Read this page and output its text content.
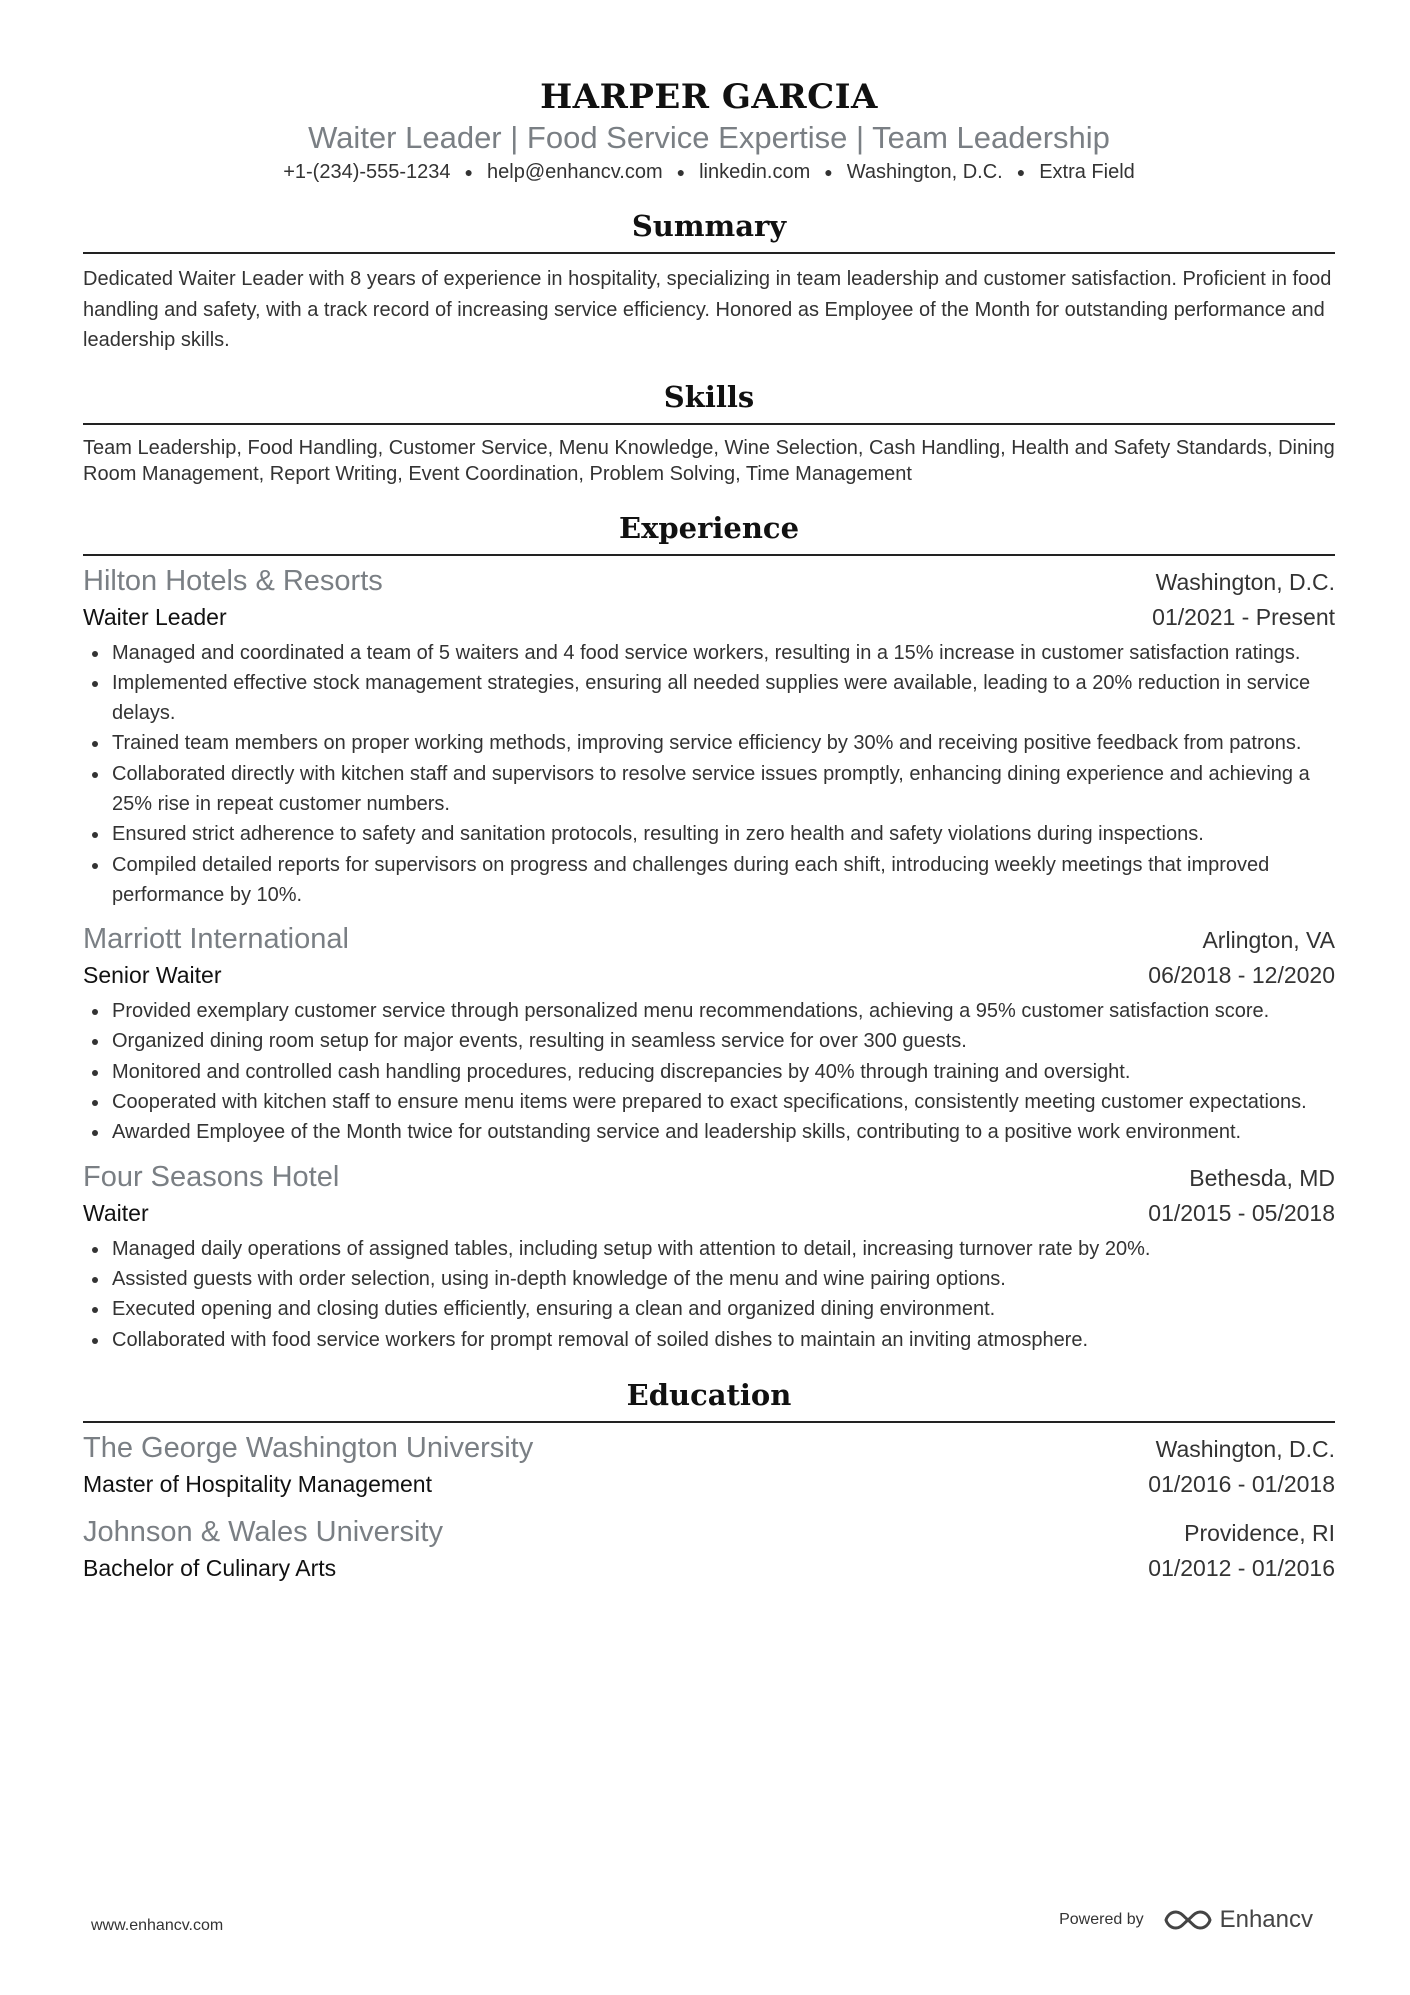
HARPER GARCIA
Waiter Leader | Food Service Expertise | Team Leadership
+1-(234)-555-1234 ● help@enhancv.com ● linkedin.com ● Washington, D.C. ● Extra Field
Summary
Dedicated Waiter Leader with 8 years of experience in hospitality, specializing in team leadership and customer satisfaction. Proficient in food handling and safety, with a track record of increasing service efficiency. Honored as Employee of the Month for outstanding performance and leadership skills.
Skills
Team Leadership, Food Handling, Customer Service, Menu Knowledge, Wine Selection, Cash Handling, Health and Safety Standards, Dining Room Management, Report Writing, Event Coordination, Problem Solving, Time Management
Experience
Hilton Hotels & Resorts	Washington, D.C.
Waiter Leader	01/2021 - Present
Managed and coordinated a team of 5 waiters and 4 food service workers, resulting in a 15% increase in customer satisfaction ratings.
Implemented effective stock management strategies, ensuring all needed supplies were available, leading to a 20% reduction in service delays.
Trained team members on proper working methods, improving service efficiency by 30% and receiving positive feedback from patrons.
Collaborated directly with kitchen staff and supervisors to resolve service issues promptly, enhancing dining experience and achieving a 25% rise in repeat customer numbers.
Ensured strict adherence to safety and sanitation protocols, resulting in zero health and safety violations during inspections.
Compiled detailed reports for supervisors on progress and challenges during each shift, introducing weekly meetings that improved performance by 10%.
Marriott International	Arlington, VA
Senior Waiter	06/2018 - 12/2020
Provided exemplary customer service through personalized menu recommendations, achieving a 95% customer satisfaction score.
Organized dining room setup for major events, resulting in seamless service for over 300 guests.
Monitored and controlled cash handling procedures, reducing discrepancies by 40% through training and oversight.
Cooperated with kitchen staff to ensure menu items were prepared to exact specifications, consistently meeting customer expectations.
Awarded Employee of the Month twice for outstanding service and leadership skills, contributing to a positive work environment.
Four Seasons Hotel	Bethesda, MD
Waiter	01/2015 - 05/2018
Managed daily operations of assigned tables, including setup with attention to detail, increasing turnover rate by 20%.
Assisted guests with order selection, using in-depth knowledge of the menu and wine pairing options.
Executed opening and closing duties efficiently, ensuring a clean and organized dining environment.
Collaborated with food service workers for prompt removal of soiled dishes to maintain an inviting atmosphere.
Education
The George Washington University	Washington, D.C.
Master of Hospitality Management	01/2016 - 01/2018
Johnson & Wales University	Providence, RI
Bachelor of Culinary Arts	01/2012 - 01/2016
www.enhancv.com	Powered by	Enhancv
